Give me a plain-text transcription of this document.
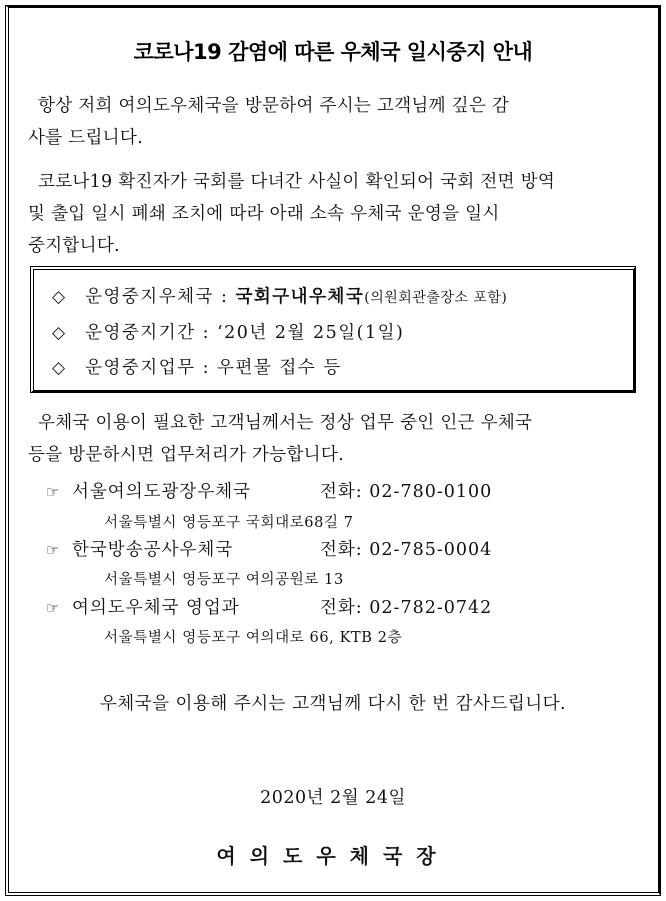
코로나19 감염에 따른 우체국 일시중지 안내
항상 저희 여의도우체국을 방문하여 주시는 고객님께 깊은 감
사를 드립니다.
코로나19 확진자가 국회를 다녀간 사실이 확인되어 국회 전면 방역
및 출입 일시 폐쇄 조치에 따라 아래 소속 우체국 운영을 일시
중지합니다.
◇ 운영중지우체국 : 국회구내우체국(의원회관출장소 포함)
◇ 운영중지기간 : ‘20년 2월 25일(1일)
◇ 운영중지업무 : 우편물 접수 등
우체국 이용이 필요한 고객님께서는 정상 업무 중인 인근 우체국
등을 방문하시면 업무처리가 가능합니다.
☞ 서울여의도광장우체국	전화: 02-780-0100
서울특별시 영등포구 국회대로68길 7
☞ 한국방송공사우체국	전화: 02-785-0004
서울특별시 영등포구 여의공원로 13
☞ 여의도우체국 영업과	전화: 02-782-0742
서울특별시 영등포구 여의대로 66, KTB 2층
우체국을 이용해 주시는 고객님께 다시 한 번 감사드립니다.
2020년 2월 24일
여의도우체국장
